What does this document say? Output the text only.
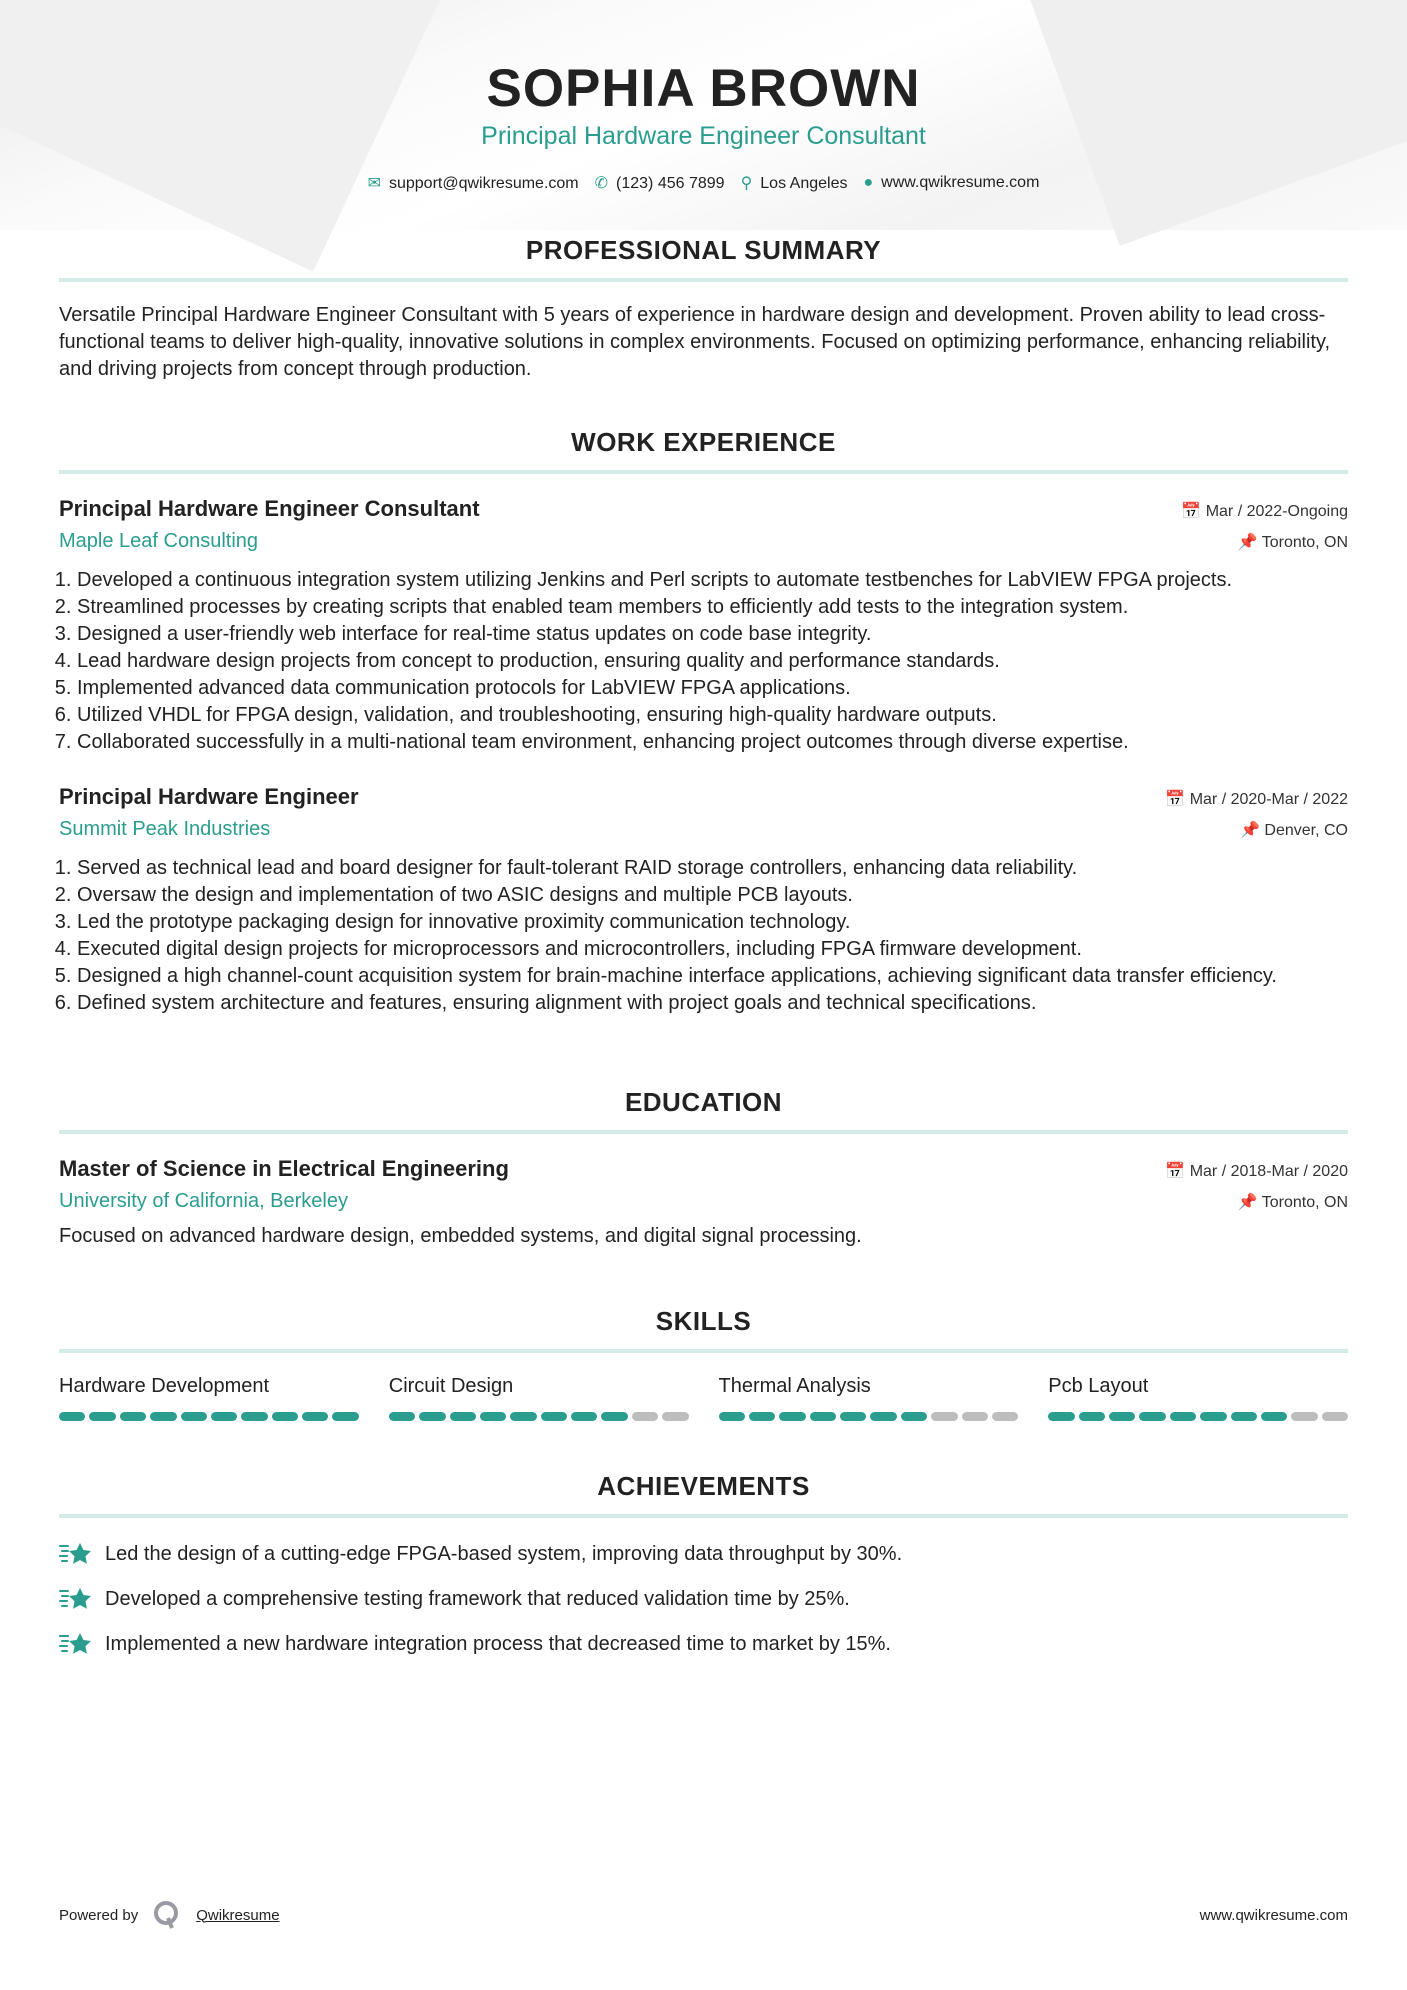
SOPHIA BROWN
Principal Hardware Engineer Consultant
✉ support@qwikresume.com ✆ (123) 456 7899 ⚲ Los Angeles ● www.qwikresume.com
PROFESSIONAL SUMMARY

Versatile Principal Hardware Engineer Consultant with 5 years of experience in hardware design and development. Proven ability to lead cross-functional teams to deliver high-quality, innovative solutions in complex environments. Focused on optimizing performance, enhancing reliability, and driving projects from concept through production.

WORK EXPERIENCE
Principal Hardware Engineer Consultant	📅 Mar / 2022-Ongoing
Maple Leaf Consulting	📌 Toronto, ON
1. Developed a continuous integration system utilizing Jenkins and Perl scripts to automate testbenches for LabVIEW FPGA projects.
2. Streamlined processes by creating scripts that enabled team members to efficiently add tests to the integration system.
3. Designed a user-friendly web interface for real-time status updates on code base integrity.
4. Lead hardware design projects from concept to production, ensuring quality and performance standards.
5. Implemented advanced data communication protocols for LabVIEW FPGA applications.
6. Utilized VHDL for FPGA design, validation, and troubleshooting, ensuring high-quality hardware outputs.
7. Collaborated successfully in a multi-national team environment, enhancing project outcomes through diverse expertise.
Principal Hardware Engineer	📅 Mar / 2020-Mar / 2022
Summit Peak Industries	📌 Denver, CO
1. Served as technical lead and board designer for fault-tolerant RAID storage controllers, enhancing data reliability.
2. Oversaw the design and implementation of two ASIC designs and multiple PCB layouts.
3. Led the prototype packaging design for innovative proximity communication technology.
4. Executed digital design projects for microprocessors and microcontrollers, including FPGA firmware development.
5. Designed a high channel-count acquisition system for brain-machine interface applications, achieving significant data transfer efficiency.
6. Defined system architecture and features, ensuring alignment with project goals and technical specifications.
EDUCATION
Master of Science in Electrical Engineering	📅 Mar / 2018-Mar / 2020
University of California, Berkeley	📌 Toronto, ON

Focused on advanced hardware design, embedded systems, and digital signal processing.

SKILLS
Hardware Development	Circuit Design	Thermal Analysis	Pcb Layout
ACHIEVEMENTS
Led the design of a cutting-edge FPGA-based system, improving data throughput by 30%.
Developed a comprehensive testing framework that reduced validation time by 25%.
Implemented a new hardware integration process that decreased time to market by 15%.
Powered by	Qwikresume	www.qwikresume.com
